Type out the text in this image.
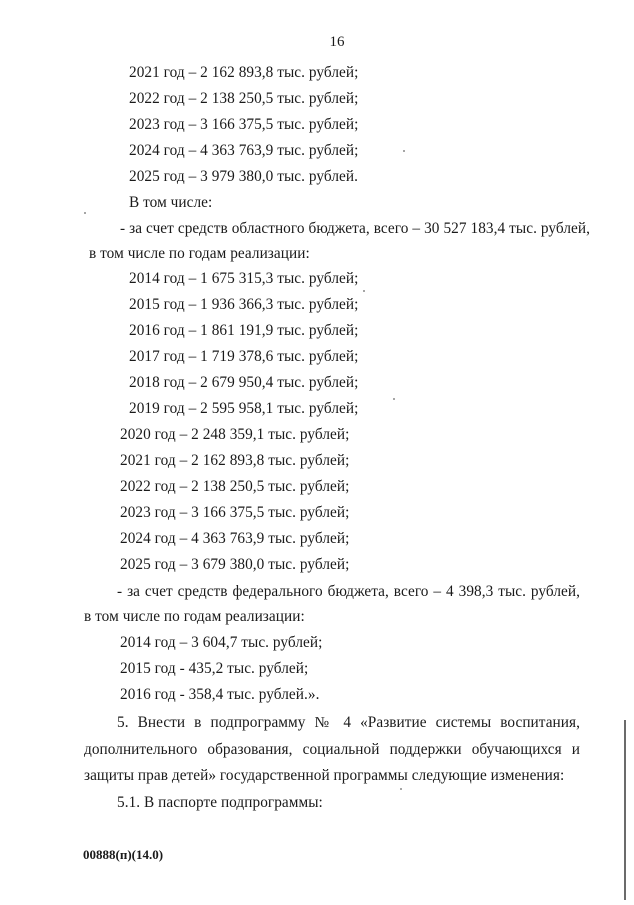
16
2021 год – 2 162 893,8 тыс. рублей;
2022 год – 2 138 250,5 тыс. рублей;
2023 год – 3 166 375,5 тыс. рублей;
2024 год – 4 363 763,9 тыс. рублей;
2025 год – 3 979 380,0 тыс. рублей.
В том числе:
- за счет средств областного бюджета, всего – 30 527 183,4 тыс. рублей,
в том числе по годам реализации:
2014 год – 1 675 315,3 тыс. рублей;
2015 год – 1 936 366,3 тыс. рублей;
2016 год – 1 861 191,9 тыс. рублей;
2017 год – 1 719 378,6 тыс. рублей;
2018 год – 2 679 950,4 тыс. рублей;
2019 год – 2 595 958,1 тыс. рублей;
2020 год – 2 248 359,1 тыс. рублей;
2021 год – 2 162 893,8 тыс. рублей;
2022 год – 2 138 250,5 тыс. рублей;
2023 год – 3 166 375,5 тыс. рублей;
2024 год – 4 363 763,9 тыс. рублей;
2025 год – 3 679 380,0 тыс. рублей;
- за счет средств федерального бюджета, всего – 4 398,3 тыс. рублей,
в том числе по годам реализации:
2014 год – 3 604,7 тыс. рублей;
2015 год - 435,2 тыс. рублей;
2016 год - 358,4 тыс. рублей.».
5. Внести в подпрограмму № 4 «Развитие системы воспитания,
дополнительного образования, социальной поддержки обучающихся и
защиты прав детей» государственной программы следующие изменения:
5.1. В паспорте подпрограммы:
00888(п)(14.0)
